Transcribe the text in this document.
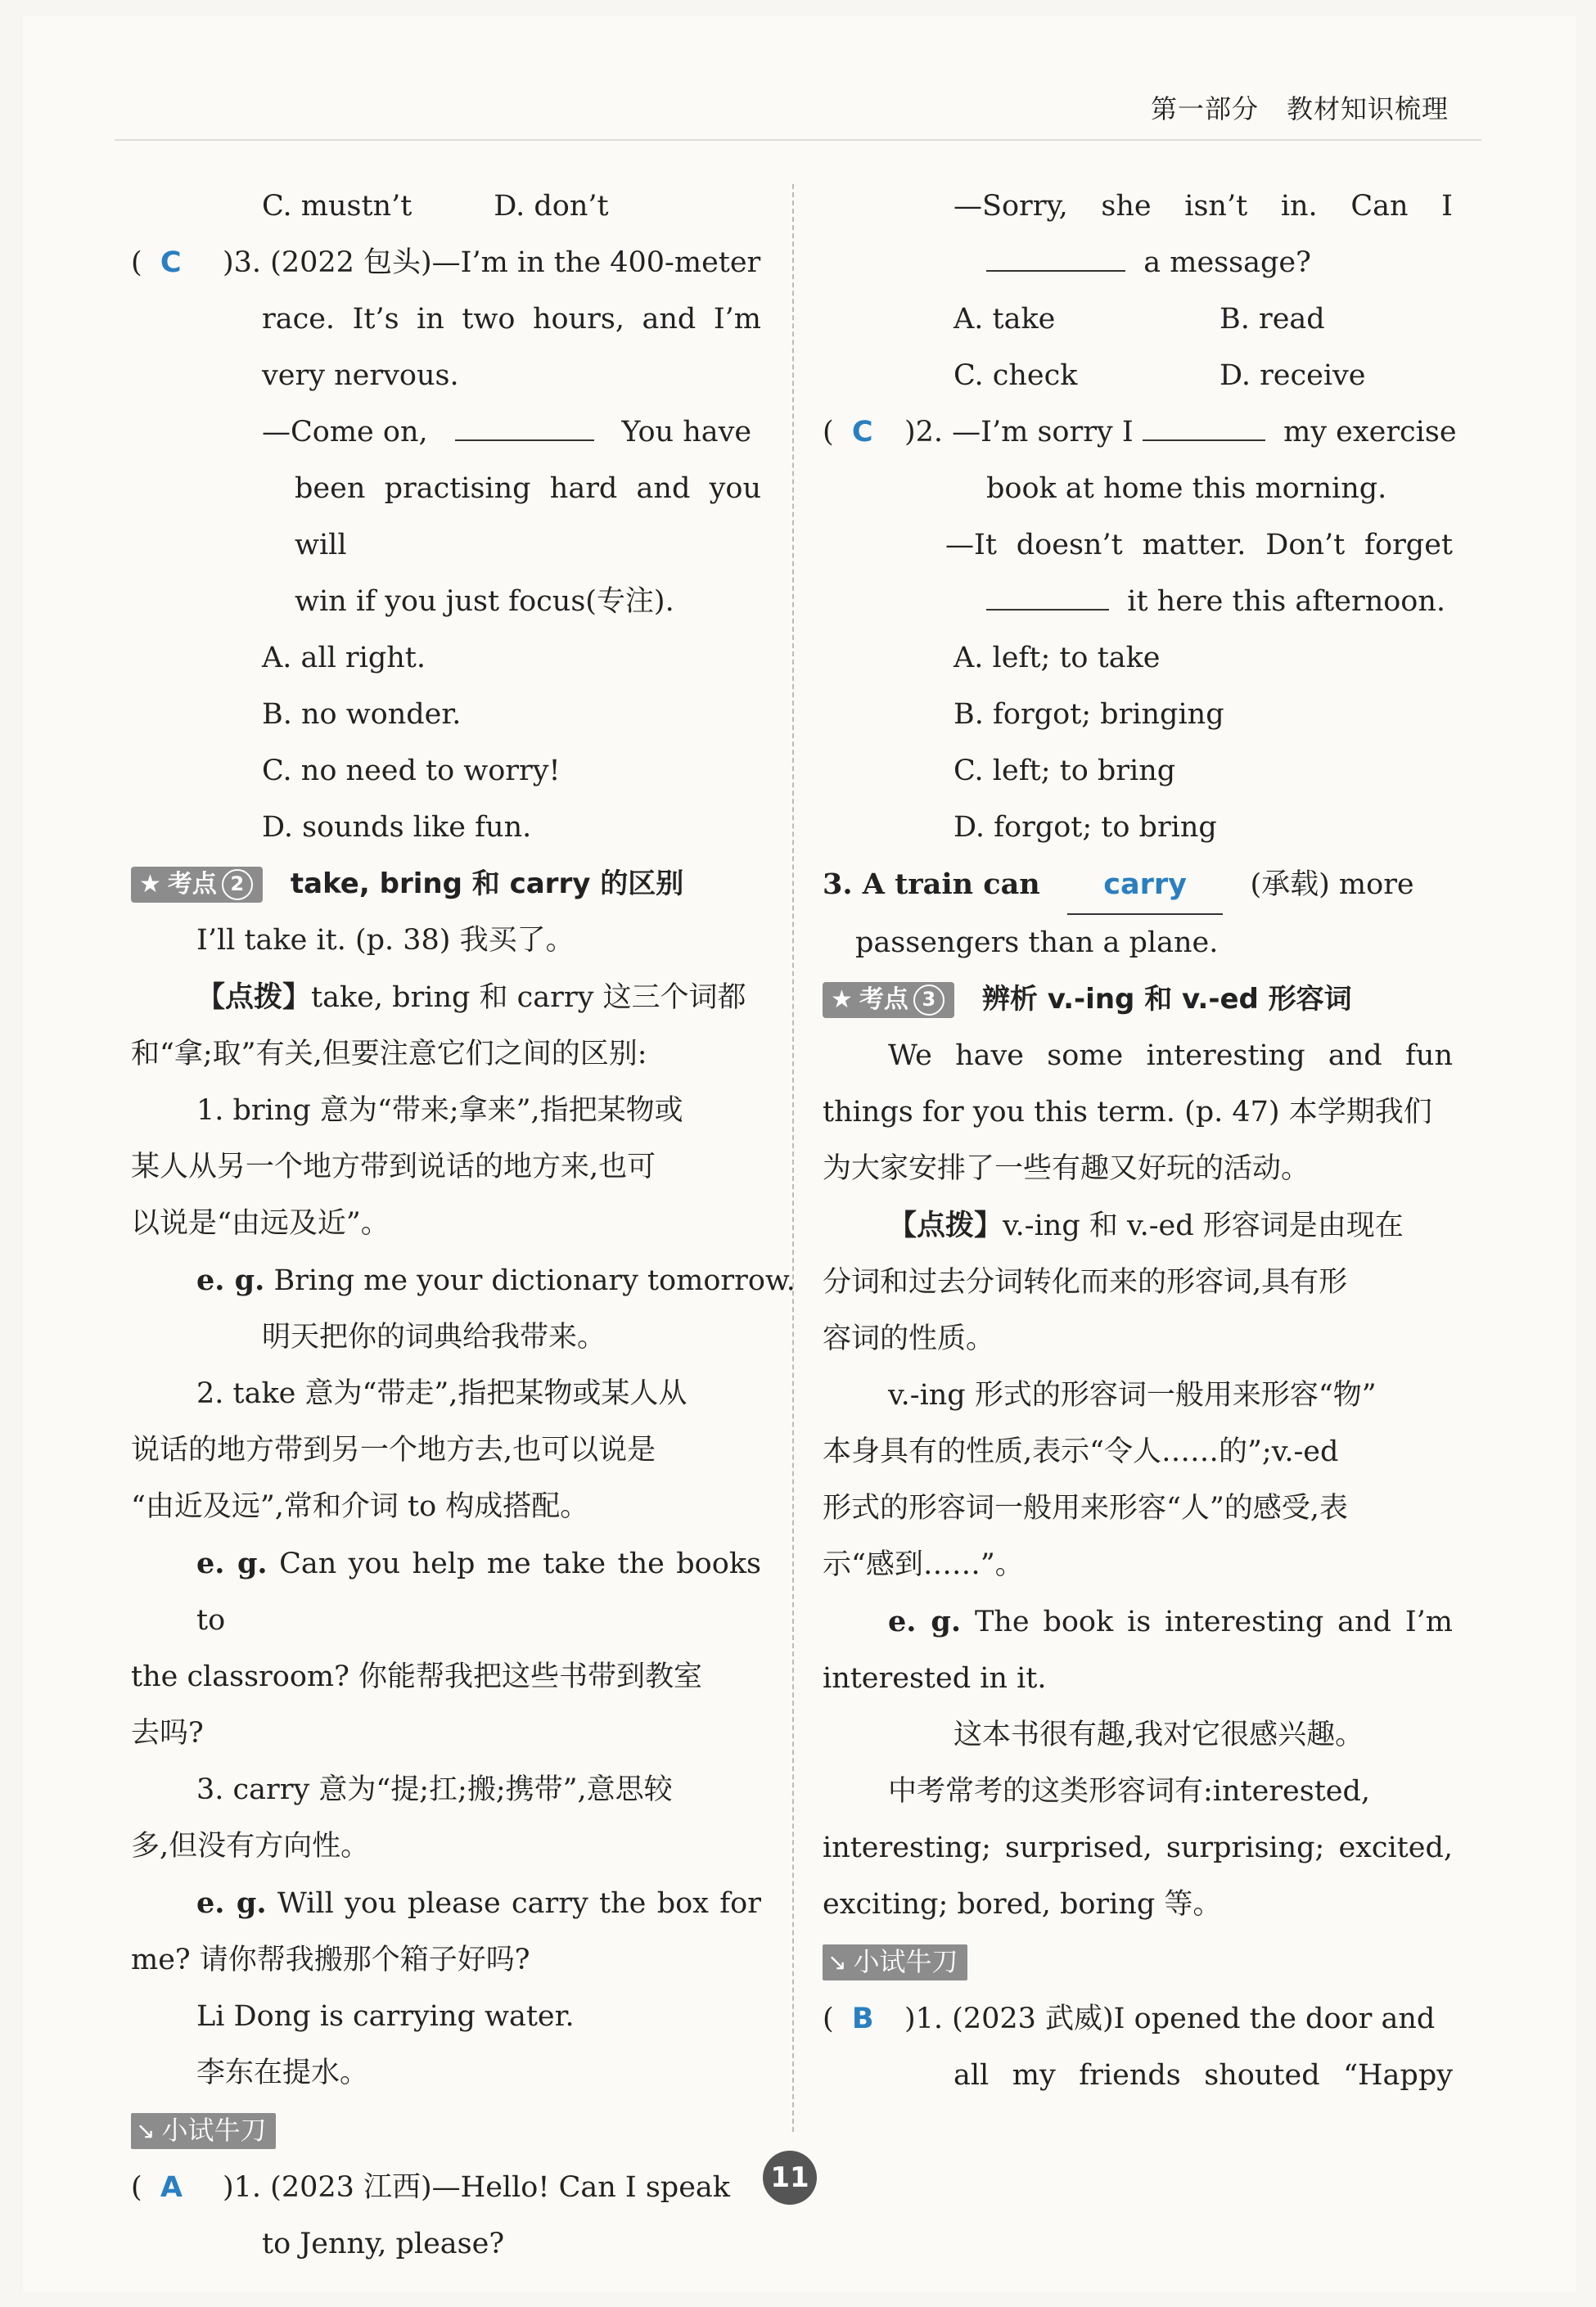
第一部分 教材知识梳理
C. mustn’t	D. don’t
(  C )3. (2022 包头)—I’m in the 400-meter
race. It’s in two hours, and I’m
very nervous.
—Come on,	You have
been practising hard and you will
win if you just focus(专注).
A. all right.
B. no wonder.
C. no need to worry!
D. sounds like fun.
★ 考点 2	take, bring 和 carry 的区别
I’ll take it. (p. 38) 我买了。
【点拨】take, bring 和 carry 这三个词都
和“拿;取”有关,但要注意它们之间的区别:
1. bring 意为“带来;拿来”,指把某物或
某人从另一个地方带到说话的地方来,也可
以说是“由远及近”。
e. g. Bring me your dictionary tomorrow.
明天把你的词典给我带来。
2. take 意为“带走”,指把某物或某人从
说话的地方带到另一个地方去,也可以说是
“由近及远”,常和介词 to 构成搭配。
e. g. Can you help me take the books to
the classroom? 你能帮我把这些书带到教室
去吗?
3. carry 意为“提;扛;搬;携带”,意思较
多,但没有方向性。
e. g. Will you please carry the box for
me? 请你帮我搬那个箱子好吗?
Li Dong is carrying water.
李东在提水。
↘ 小试牛刀
(  A )1. (2023 江西)—Hello! Can I speak
to Jenny, please?
—Sorry, she isn’t in. Can I
a message?
A. take	B. read
C. check	D. receive
(  C )2. —I’m sorry I	my exercise
book at home this morning.
—It doesn’t matter. Don’t forget
it here this afternoon.
A. left; to take
B. forgot; bringing
C. left; to bring
D. forgot; to bring
3. A train can carry (承载) more
passengers than a plane.
★ 考点 3	辨析 v.-ing 和 v.-ed 形容词
We have some interesting and fun
things for you this term. (p. 47) 本学期我们
为大家安排了一些有趣又好玩的活动。
【点拨】v.-ing 和 v.-ed 形容词是由现在
分词和过去分词转化而来的形容词,具有形
容词的性质。
v.-ing 形式的形容词一般用来形容“物”
本身具有的性质,表示“令人……的”;v.-ed
形式的形容词一般用来形容“人”的感受,表
示“感到……”。
e. g. The book is interesting and I’m
interested in it.
这本书很有趣,我对它很感兴趣。
中考常考的这类形容词有:interested,
interesting; surprised, surprising; excited,
exciting; bored, boring 等。
↘ 小试牛刀
(  B )1. (2023 武威)I opened the door and
all my friends shouted “Happy
11
